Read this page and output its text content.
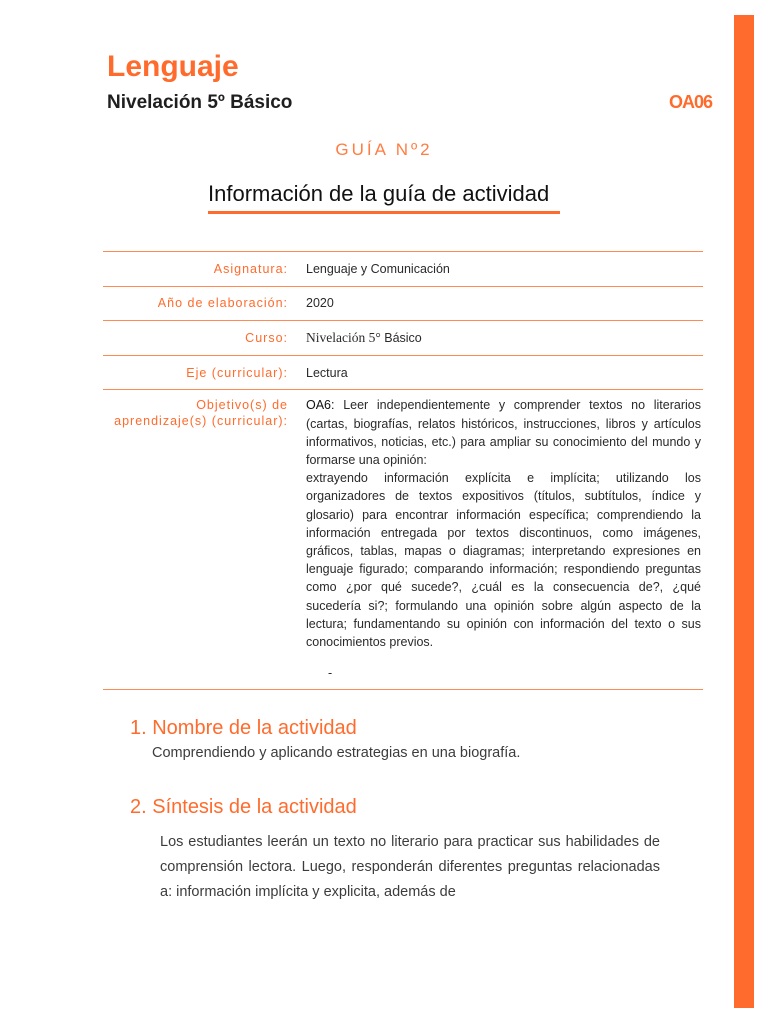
Lenguaje
Nivelación 5º Básico	OA06
GUÍA Nº2
Información de la guía de actividad
Asignatura:	Lenguaje y Comunicación
Año de elaboración:	2020
Curso:	Nivelación 5° Básico
Eje (curricular):	Lectura
Objetivo(s) de aprendizaje(s) (curricular):
OA6: Leer independientemente y comprender textos no literarios (cartas, biografías, relatos históricos, instrucciones, libros y artículos informativos, noticias, etc.) para ampliar su conocimiento del mundo y formarse una opinión:
extrayendo información explícita e implícita; utilizando los organizadores de textos expositivos (títulos, subtítulos, índice y glosario) para encontrar información específica; comprendiendo la información entregada por textos discontinuos, como imágenes, gráficos, tablas, mapas o diagramas; interpretando expresiones en lenguaje figurado; comparando información; respondiendo preguntas como ¿por qué sucede?, ¿cuál es la consecuencia de?, ¿qué sucedería si?; formulando una opinión sobre algún aspecto de la lectura; fundamentando su opinión con información del texto o sus conocimientos previos.
-
1. Nombre de la actividad
Comprendiendo y aplicando estrategias en una biografía.
2. Síntesis de la actividad
Los estudiantes leerán un texto no literario para practicar sus habilidades de comprensión lectora. Luego, responderán diferentes preguntas relacionadas a: información implícita y explicita, además de
